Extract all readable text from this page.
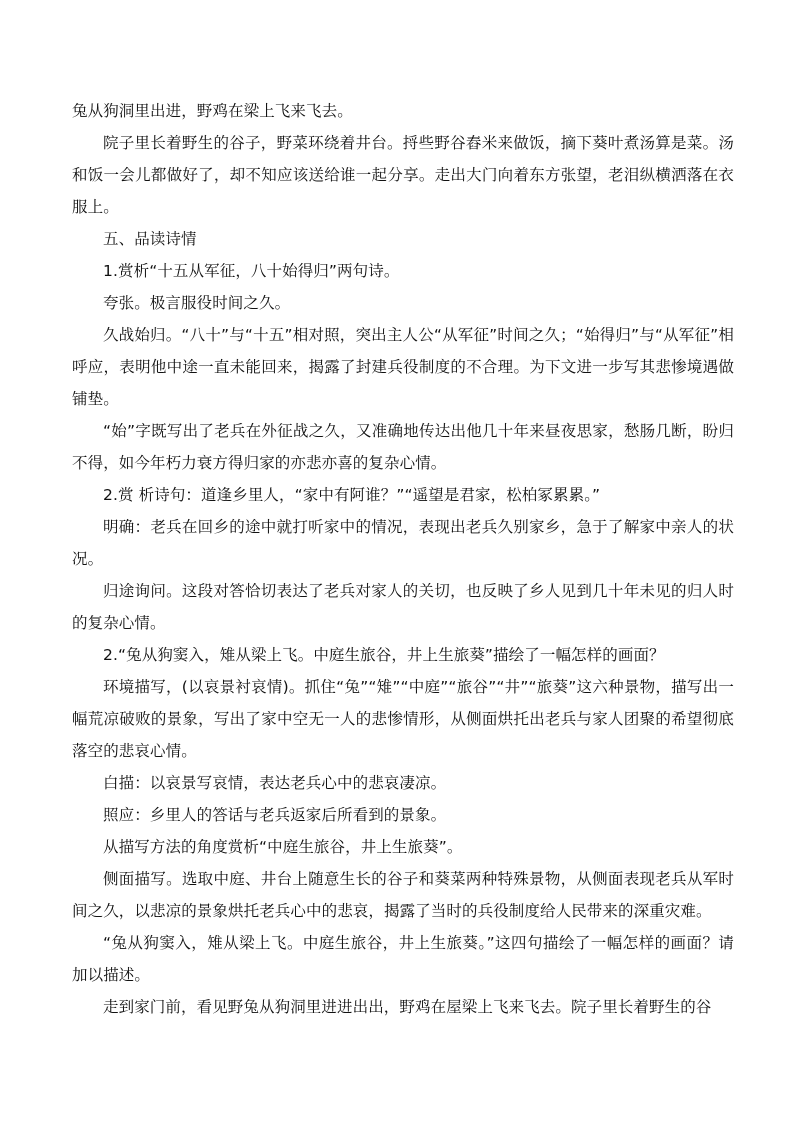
兔从狗洞里出进，野鸡在梁上飞来飞去。

院子里长着野生的谷子，野菜环绕着井台。捋些野谷舂米来做饭，摘下葵叶煮汤算是菜。汤和饭一会儿都做好了，却不知应该送给谁一起分享。走出大门向着东方张望，老泪纵横洒落在衣服上。

五、品读诗情

1.赏析“十五从军征，八十始得归”两句诗。

夸张。极言服役时间之久。

久战始归。“八十”与“十五”相对照，突出主人公“从军征”时间之久；“始得归”与“从军征”相呼应，表明他中途一直未能回来，揭露了封建兵役制度的不合理。为下文进一步写其悲惨境遇做铺垫。

“始”字既写出了老兵在外征战之久，又准确地传达出他几十年来昼夜思家，愁肠几断，盼归不得，如今年朽力衰方得归家的亦悲亦喜的复杂心情。

2.赏 析诗句：道逢乡里人，“家中有阿谁？”“遥望是君家，松柏冢累累。”

明确：老兵在回乡的途中就打听家中的情况，表现出老兵久别家乡，急于了解家中亲人的状况。

归途询问。这段对答恰切表达了老兵对家人的关切，也反映了乡人见到几十年未见的归人时的复杂心情。

2.“兔从狗窦入，雉从梁上飞。中庭生旅谷，井上生旅葵”描绘了一幅怎样的画面？

环境描写，(以哀景衬哀情)。抓住“兔”“雉”“中庭”“旅谷”“井”“旅葵”这六种景物，描写出一幅荒凉破败的景象，写出了家中空无一人的悲惨情形，从侧面烘托出老兵与家人团聚的希望彻底落空的悲哀心情。

白描：以哀景写哀情，表达老兵心中的悲哀凄凉。

照应：乡里人的答话与老兵返家后所看到的景象。

从描写方法的角度赏析“中庭生旅谷，井上生旅葵”。

侧面描写。选取中庭、井台上随意生长的谷子和葵菜两种特殊景物，从侧面表现老兵从军时间之久，以悲凉的景象烘托老兵心中的悲哀，揭露了当时的兵役制度给人民带来的深重灾难。

“兔从狗窦入，雉从梁上飞。中庭生旅谷，井上生旅葵。”这四句描绘了一幅怎样的画面？请加以描述。

走到家门前，看见野兔从狗洞里进进出出，野鸡在屋梁上飞来飞去。院子里长着野生的谷
